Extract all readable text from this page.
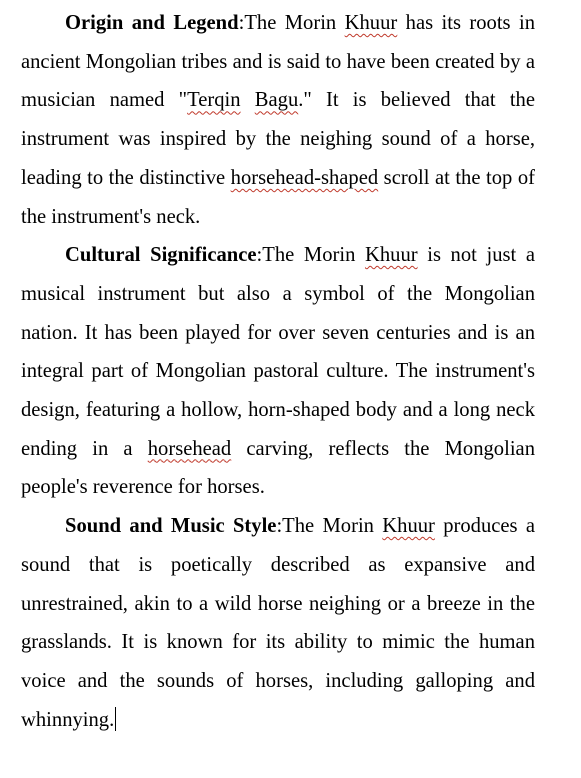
Origin and Legend:The Morin Khuur has its roots in ancient Mongolian tribes and is said to have been created by a musician named "Terqin Bagu." It is believed that the instrument was inspired by the neighing sound of a horse, leading to the distinctive horsehead-shaped scroll at the top of the instrument's neck.

Cultural Significance:The Morin Khuur is not just a musical instrument but also a symbol of the Mongolian nation. It has been played for over seven centuries and is an integral part of Mongolian pastoral culture. The instrument's design, featuring a hollow, horn-shaped body and a long neck ending in a horsehead carving, reflects the Mongolian people's reverence for horses.

Sound and Music Style:The Morin Khuur produces a sound that is poetically described as expansive and unrestrained, akin to a wild horse neighing or a breeze in the grasslands. It is known for its ability to mimic the human voice and the sounds of horses, including galloping and whinnying.
